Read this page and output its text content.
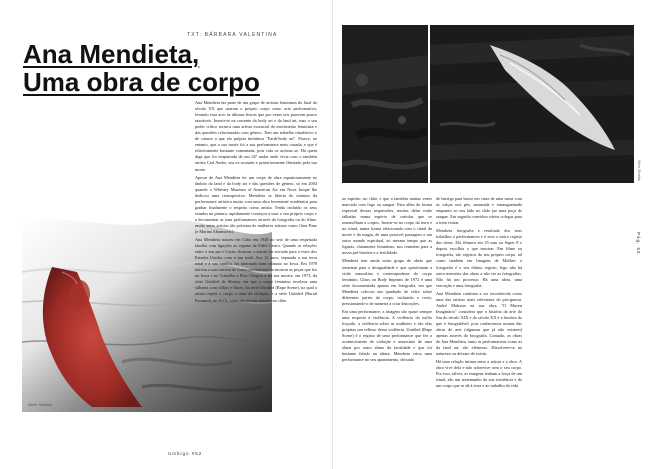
TXT: BÁRBARA VALENTINA
Ana Mendieta,
Uma obra de corpo
Série Siluetta

Ana Mendieta faz parte de um grupo de artistas femininas do final do século XX que usaram o próprio corpo como acto performativo, levando essa acto às últimas físicas que por vezes nos parecem pouco razoáveis. Inserir-se na corrente da body art e da land art, mas o seu poder crítico torna-a uma artista essencial do movimento feminista e das questões relacionadas com género. Tem um trabalho ritualístico e de catarse a que ela própria intitulava "Earth-body art". Parece, no entanto, que a sua morte foi a sua performance mais ousada, e que é relativamente bastante comentada, pois cala os artistas–se. Há quem diga que foi empurrada de um 34º andar onde vivia com o também artista Carl Andre, seu ex-acusado e posteriormente libertado pela sua morte.

Apesar de Ana Mendieta ter um corpo de obra espantosamente no âmbito da land e da body art e das questões de género, só em 2004 quando o Whitney Museum of American Art em Nova Iorque lhe dedicou uma retrospectiva. Mendieta se liberta do estatuto da performance artística muito com uma obra levemente académica para ganhar finalmente o respeito como artista. Tendo incluído os seus estudos na pintura, rapidamente começou a usar o seu próprio corpo e a documentar as suas performances através da fotografia ou do filme, muito antes artistas tão próxima de mulheres artistas como Gina Pane (e Marina Abramovic).

Ana Mendieta nasceu em Cuba em 1948 no seio de uma respeitada família com ligações ao regime de Fidel Castro. Quando as relações entre o seu pai e Castro ficaram, a artista foi enviada para o estes dos Estados Unidos com a sua irmã. Aos 12 anos, separada a sua terra natal e à sua família, foi internada num orfanato no Iowa. Em 1978 iniciou a sua carreira de forma profissional ao mostrar as peças que fez na Iowa e no Trabalho e Flor. Chegou a ter sua mostra, em 1973, da série Untitled de Silueta, em que o corpo feminino revelava uma silhueta com folhas e flores, da série Untitled (Rape Scene), na qual a artista expôs o corpo a cena de violação, e a série Untitled (Burial Pyramid), de 1974, como ela mesma deitada no chão.

Umbigo #52
Série Siluetta

ao espírito, no chão, e que a também muitas vezes marcado com fogo ou sangue. Para além da forma espectral dessas impressões, muitas delas estão talhadas numa espécie de cartolas que se assemelham a corpos. Inserir-se no corpo da terra e no ritual, numa forma relacionada com o ritual da morte e da magia, de uma possível passagem a um outro mundo espiritual, ao mesmo tempo que as figuras, claramente femininas, nos remetem para a nossa pré-história e a fertilidade.

Mendieta tem ainda outro grupo de obras que remetem para a desigualdade e que questionam a visão masculina e contemporânea do corpo feminino. Glass on Body Imprints de 1972 é uma série documentada apenas em fotografia, em que Mendieta colocou um quadrado de vidro sobre diferentes partes do corpo, incluindo o rosto, pressionando-o de maneira a criar distorções.

Em uma performance, a imagem são quase sempre uma resposta à violência. A violência do exílio forçado, a violência sobre as mulheres e são elas próprias um reflexo dessa violência. Untitled (Rape Scene) é o registo de uma performance que fez a acontecimento de violação e assassínio de uma aluna por outro aluno da faculdade e que foi bastante falado na altura. Mendieta criou uma performance no seu apartamento, deixada

de barriga para baixo em cima de uma mesa com as calças nos pés, amarrada e ensanguentada enquanto ao seu lado no chão jaz uma poça de sangue. Em seguida convidou vários colegas para a irem visitar.

Mendieta fotografia e resultado dos seus trabalhos e performances e é esse o único registo das obras. Ela filmava em 35 mm ou Super 8 e depois escolhia o que mostrar. Em filme ou fotografia, são registos do seu próprio corpo, tal como também em Imagens de Mulher: a fotografia é o seu último registo; logo não há outra memória das obras a não ser as fotografias. Não há um processo. Há uma ideia, uma execução e uma fotografia.

Ana Mendieta continua a ser reconhecida como uma das artistas mais relevantes do pós-guerra. André Malraux na sua obra "O Museu Imaginário" considera que a história da arte do fim do século XIX e do século XX é a história do que é fotografável, pois conhecemos muitas das obras de arte (algumas que já não existem) apenas através da fotografia. Contudo, as obras de Ana Mendieta, tanto as performativas como as da land art, são efémeras. Dissolvem-se na natureza ou deixam de existir.

Há uma relação íntima entre a artista e a obra. A obra vive dela e não sobrevive sem o seu corpo. Por isso, talvez, as imagens tenham a força de um ritual, são um testemunho da sua existência e de um corpo que se dá à terra e ao trabalho da vida.

Pág. 55
